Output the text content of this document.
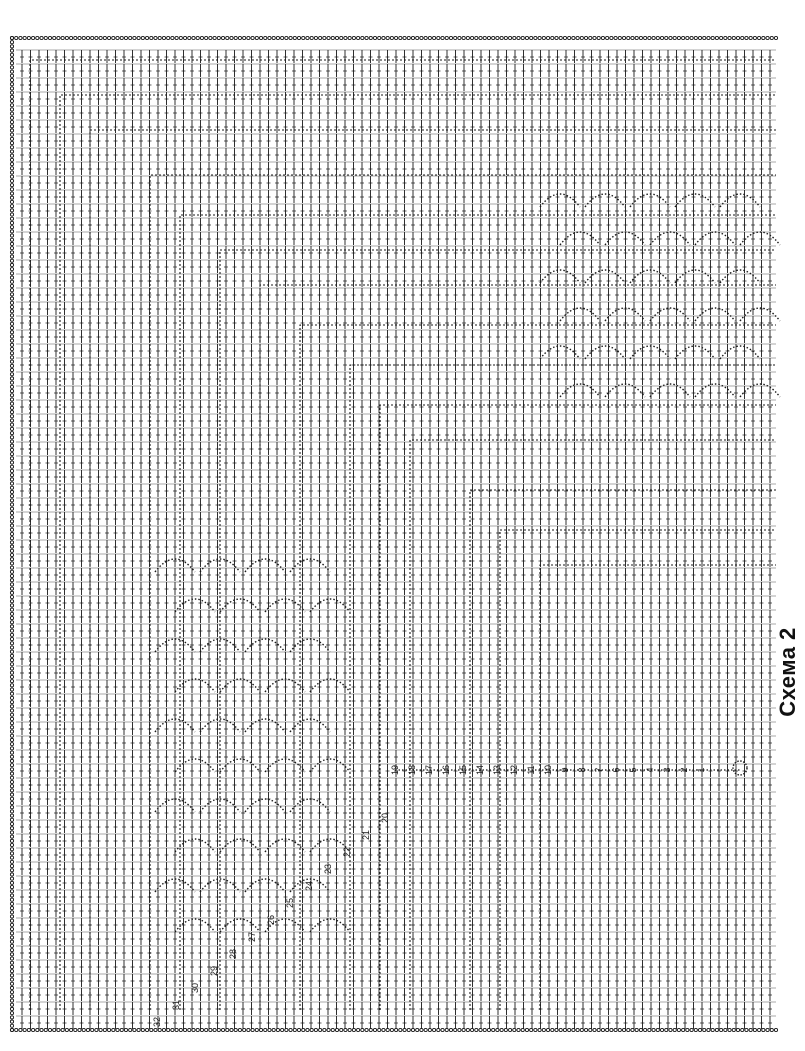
32
31
30
29
28
27
26
25
24
23
22
21
20
19 18 17 16 15 14 13 12 11 10 9 8 7 6 5 4 3 2 1
Схема 2
